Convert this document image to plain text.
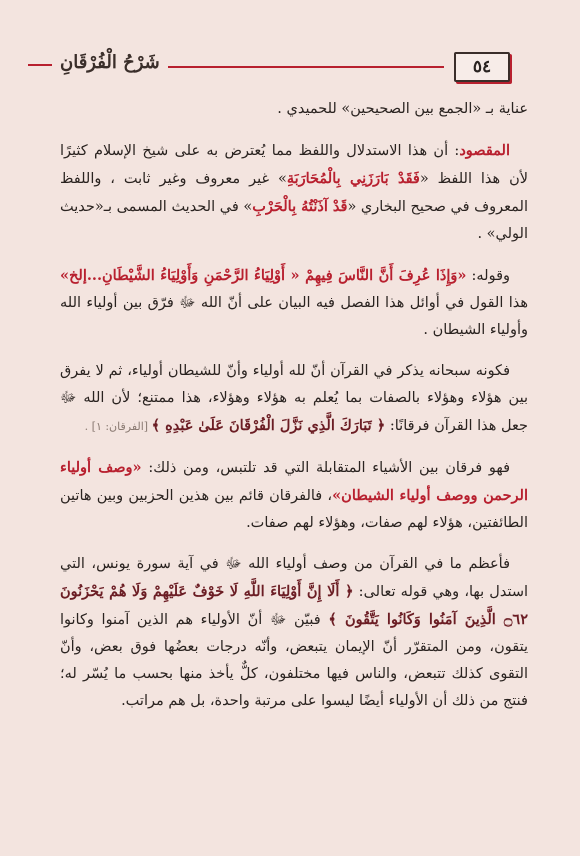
٥٤
شَرْحُ الْفُرْقَانِ

عناية بـ «الجمع بين الصحيحين» للحميدي .

المقصود: أن هذا الاستدلال واللفظ مما يُعترض به على شيخ الإسلام كثيرًا لأن هذا اللفظ «فَقَدْ بَارَزَنِي بِالْمُحَارَبَةِ» غير معروف وغير ثابت ، واللفظ المعروف في صحيح البخاري «قَدْ آذَنْتُهُ بِالْحَرْبِ» في الحديث المسمى بـ«حديث الولي» .

وقوله: «وَإِذَا عُرِفَ أَنَّ النَّاسَ فِيهِمْ « أَوْلِيَاءُ الرَّحْمَنِ وَأَوْلِيَاءُ الشَّيْطَانِ...إلخ» هذا القول في أوائل هذا الفصل فيه البيان على أنّ الله ﷻ فرّق بين أولياء الله وأولياء الشيطان .

فكونه سبحانه يذكر في القرآن أنّ لله أولياء وأنّ للشيطان أولياء، ثم لا يفرق بين هؤلاء وهؤلاء بالصفات بما يُعلم به هؤلاء وهؤلاء، هذا ممتنع؛ لأن الله ﷻ جعل هذا القرآن فرقانًا: ﴿ تَبَارَكَ الَّذِي نَزَّلَ الْفُرْقَانَ عَلَىٰ عَبْدِهِ ﴾ [الفرقان: ١] .

فهو فرقان بين الأشياء المتقابلة التي قد تلتبس، ومن ذلك: «وصف أولياء الرحمن ووصف أولياء الشيطان»، فالفرقان قائم بين هذين الحزبين وبين هاتين الطائفتين، هؤلاء لهم صفات، وهؤلاء لهم صفات.

فأعظم ما في القرآن من وصف أولياء الله ﷻ في آية سورة يونس، التي استدل بها، وهي قوله تعالى: ﴿ أَلَا إِنَّ أَوْلِيَاءَ اللَّهِ لَا خَوْفٌ عَلَيْهِمْ وَلَا هُمْ يَحْزَنُونَ ۝٦٢ الَّذِينَ آمَنُوا وَكَانُوا يَتَّقُونَ ﴾ فبيّن ﷻ أنّ الأولياء هم الذين آمنوا وكانوا يتقون، ومن المتقرّر أنّ الإيمان يتبعض، وأنّه درجات بعضُها فوق بعض، وأنّ التقوى كذلك تتبعض، والناس فيها مختلفون، كلٌّ يأخذ منها بحسب ما يُسّر له؛ فنتج من ذلك أن الأولياء أيضًا ليسوا على مرتبة واحدة، بل هم مراتب.
